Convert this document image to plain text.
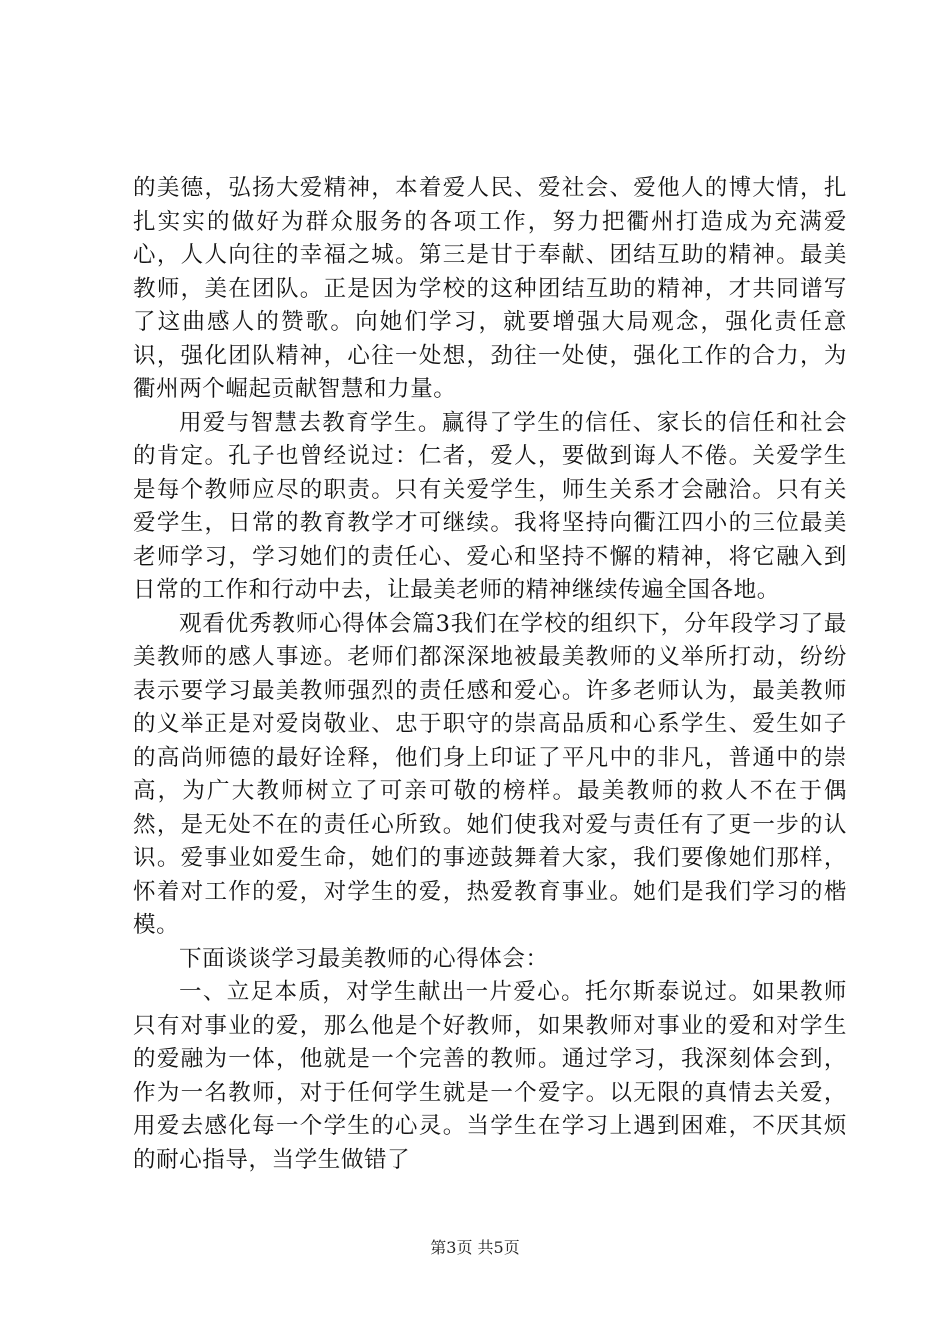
的美德，弘扬大爱精神，本着爱人民、爱社会、爱他人的博大情，扎扎实实的做好为群众服务的各项工作，努力把衢州打造成为充满爱心，人人向往的幸福之城。第三是甘于奉献、团结互助的精神。最美教师，美在团队。正是因为学校的这种团结互助的精神，才共同谱写了这曲感人的赞歌。向她们学习，就要增强大局观念，强化责任意识，强化团队精神，心往一处想，劲往一处使，强化工作的合力，为衢州两个崛起贡献智慧和力量。

用爱与智慧去教育学生。赢得了学生的信任、家长的信任和社会的肯定。孔子也曾经说过：仁者，爱人，要做到诲人不倦。关爱学生是每个教师应尽的职责。只有关爱学生，师生关系才会融洽。只有关爱学生，日常的教育教学才可继续。我将坚持向衢江四小的三位最美老师学习，学习她们的责任心、爱心和坚持不懈的精神，将它融入到日常的工作和行动中去，让最美老师的精神继续传遍全国各地。

观看优秀教师心得体会篇3我们在学校的组织下，分年段学习了最美教师的感人事迹。老师们都深深地被最美教师的义举所打动，纷纷表示要学习最美教师强烈的责任感和爱心。许多老师认为，最美教师的义举正是对爱岗敬业、忠于职守的崇高品质和心系学生、爱生如子的高尚师德的最好诠释，他们身上印证了平凡中的非凡，普通中的崇高，为广大教师树立了可亲可敬的榜样。最美教师的救人不在于偶然，是无处不在的责任心所致。她们使我对爱与责任有了更一步的认识。爱事业如爱生命，她们的事迹鼓舞着大家，我们要像她们那样，怀着对工作的爱，对学生的爱，热爱教育事业。她们是我们学习的楷模。

下面谈谈学习最美教师的心得体会：

一、立足本质，对学生献出一片爱心。托尔斯泰说过。如果教师只有对事业的爱，那么他是个好教师，如果教师对事业的爱和对学生的爱融为一体，他就是一个完善的教师。通过学习，我深刻体会到，作为一名教师，对于任何学生就是一个爱字。以无限的真情去关爱，用爱去感化每一个学生的心灵。当学生在学习上遇到困难，不厌其烦的耐心指导，当学生做错了

第3页 共5页
